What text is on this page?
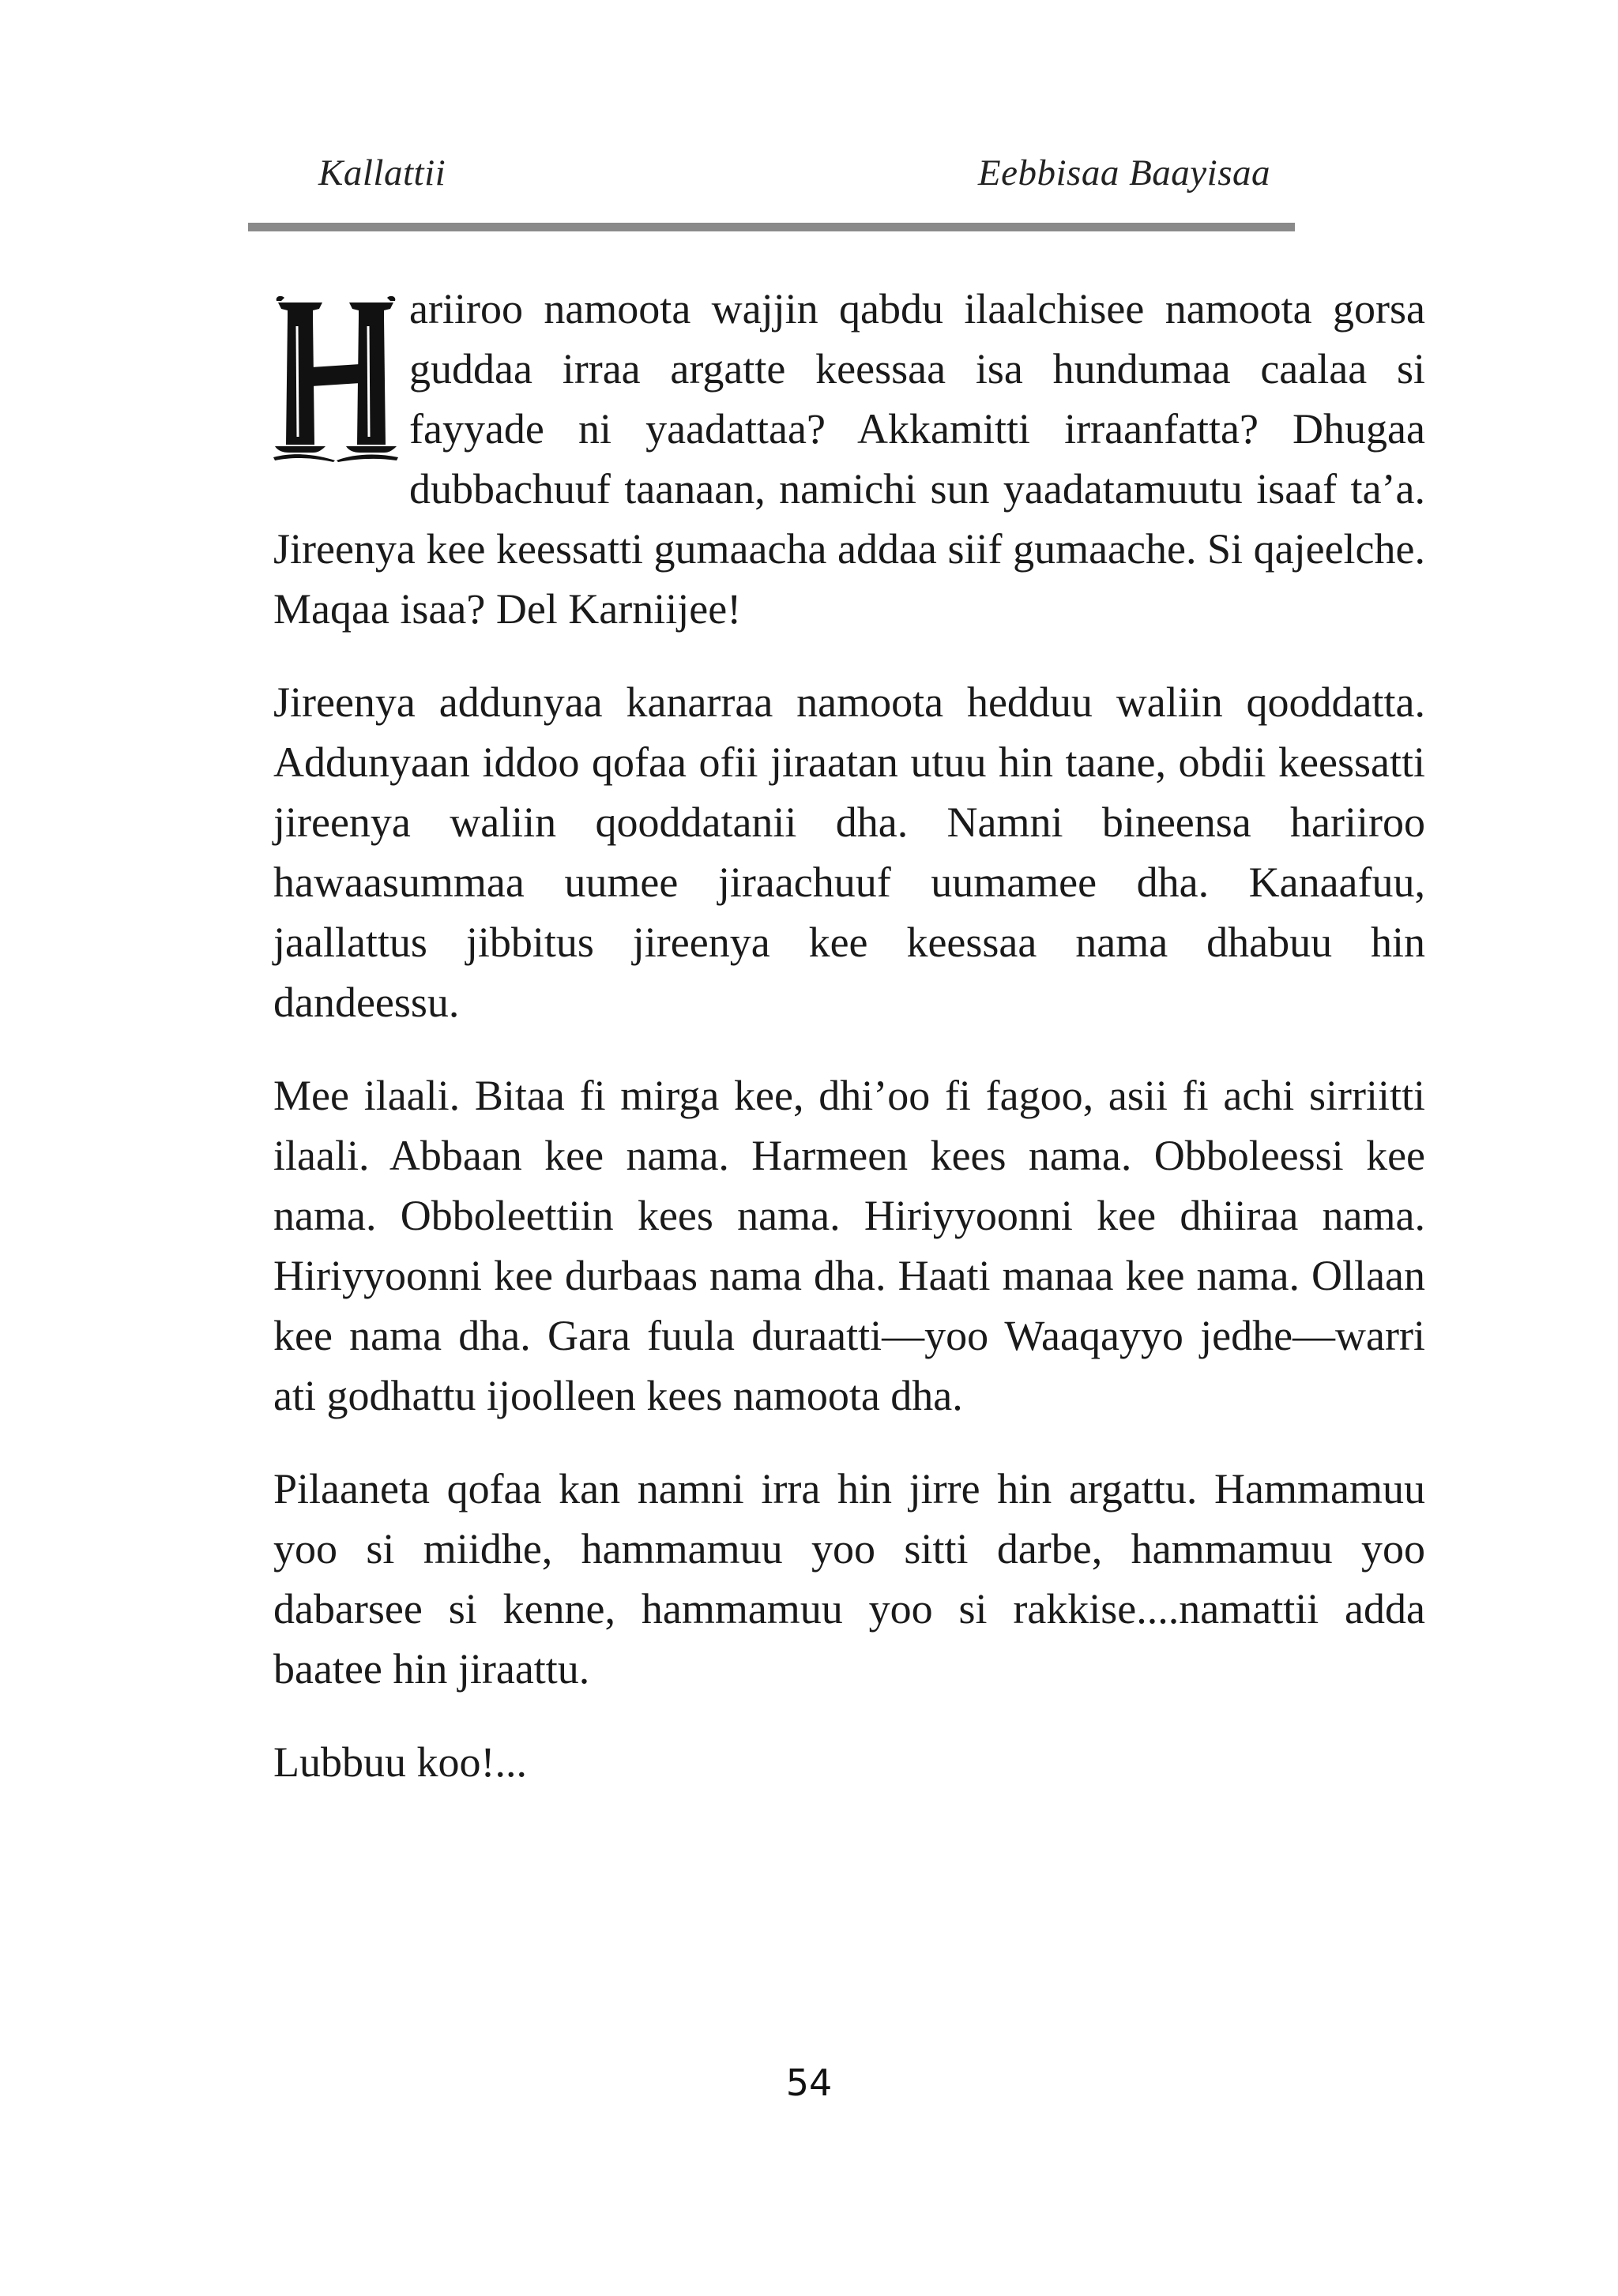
Kallattii	Eebbisaa Baayisaa

ariiroo namoota wajjin qabdu ilaalchisee namoota gorsa guddaa irraa argatte keessaa isa hundumaa caalaa si fayyade ni yaadattaa? Akkamitti irraanfatta? Dhugaa dubbachuuf taanaan, namichi sun yaadatamuutu isaaf ta’a. Jireenya kee keessatti gumaacha addaa siif gumaache. Si qajeelche. Maqaa isaa? Del Karniijee!

Jireenya addunyaa kanarraa namoota hedduu waliin qooddatta. Addunyaan iddoo qofaa ofii jiraatan utuu hin taane, obdii keessatti jireenya waliin qooddatanii dha. Namni bineensa hariiroo hawaasummaa uumee jiraachuuf uumamee dha. Kanaafuu, jaallattus jibbitus jireenya kee keessaa nama dhabuu hin dandeessu.

Mee ilaali. Bitaa fi mirga kee, dhi’oo fi fagoo, asii fi achi sirriitti ilaali. Abbaan kee nama. Harmeen kees nama. Obboleessi kee nama. Obboleettiin kees nama. Hiriyyoonni kee dhiiraa nama. Hiriyyoonni kee durbaas nama dha. Haati manaa kee nama. Ollaan kee nama dha. Gara fuula duraatti—yoo Waaqayyo jedhe—warri ati godhattu ijoolleen kees namoota dha.

Pilaaneta qofaa kan namni irra hin jirre hin argattu. Hammamuu yoo si miidhe, hammamuu yoo sitti darbe, hammamuu yoo dabarsee si kenne, hammamuu yoo si rakkise....namattii adda baatee hin jiraattu.

Lubbuu koo!...

54
